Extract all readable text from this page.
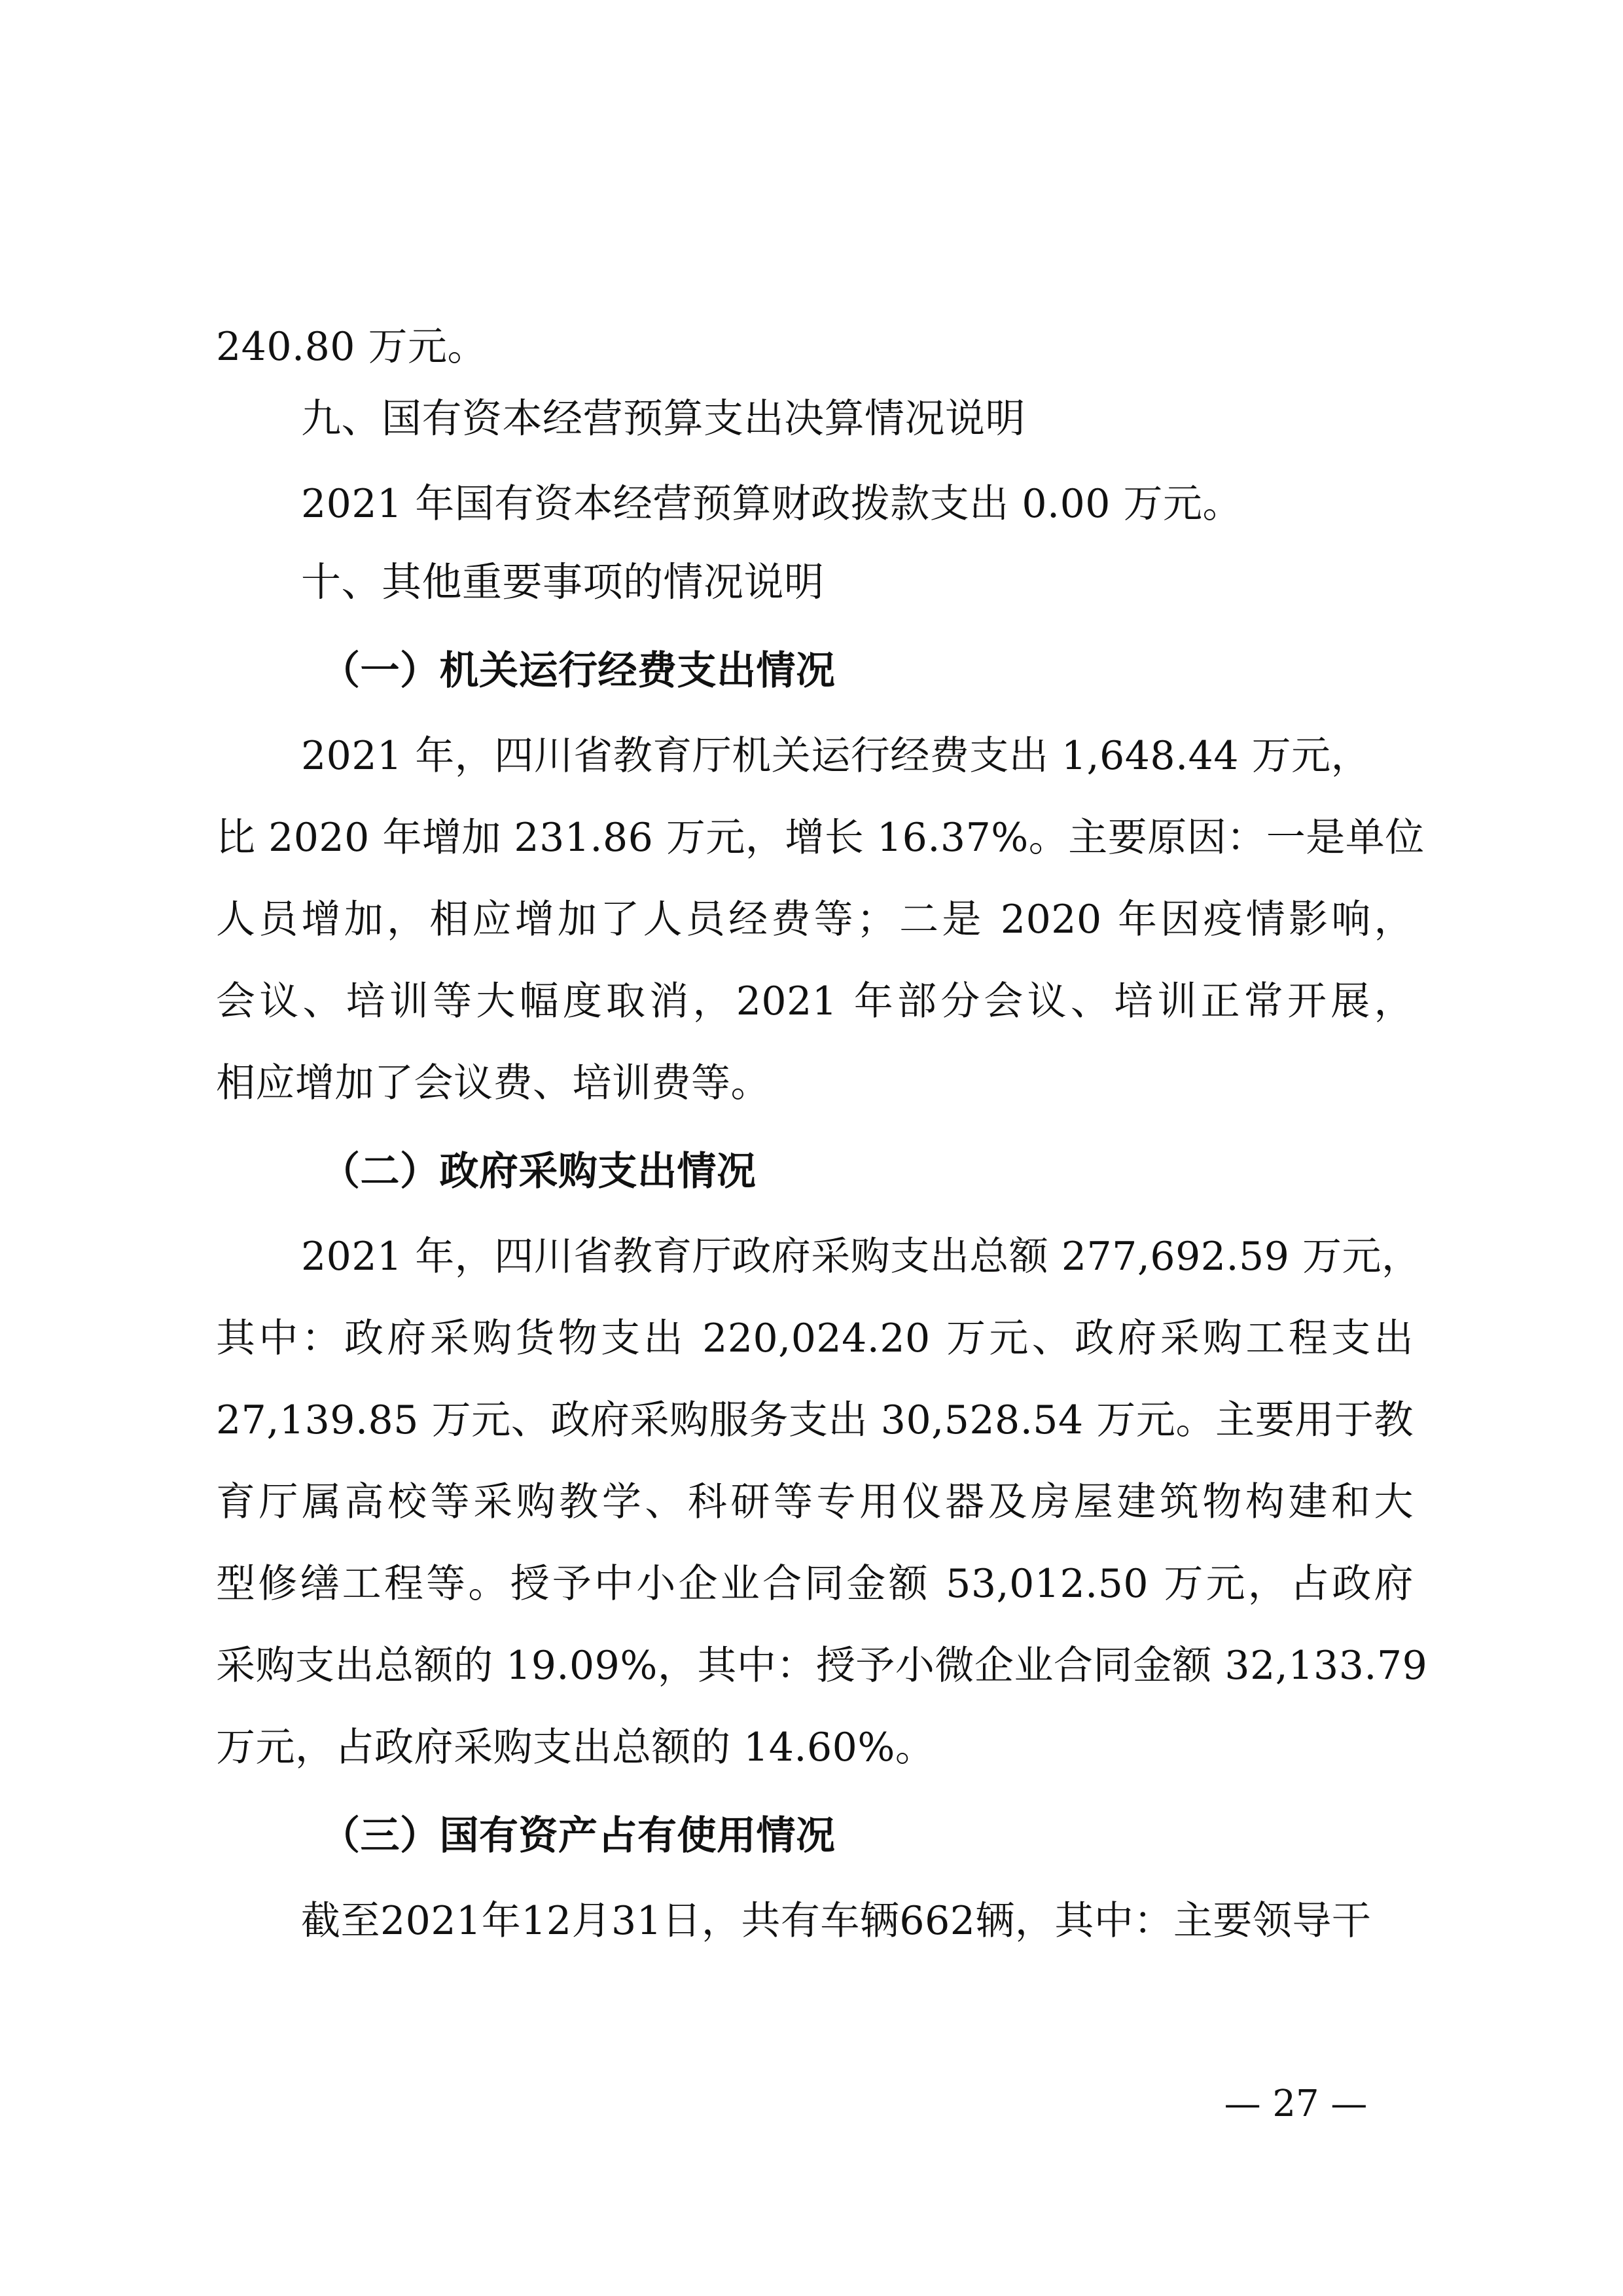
240.80 万元。
九、国有资本经营预算支出决算情况说明
2021 年国有资本经营预算财政拨款支出 0.00 万元。
十、其他重要事项的情况说明
（一）机关运行经费支出情况
2021 年，四川省教育厅机关运行经费支出 1,648.44 万元，
比 2020 年增加 231.86 万元，增长 16.37%。主要原因：一是单位
人员增加，相应增加了人员经费等；二是 2020 年因疫情影响，
会议、培训等大幅度取消，2021 年部分会议、培训正常开展，
相应增加了会议费、培训费等。
（二）政府采购支出情况
2021 年，四川省教育厅政府采购支出总额 277,692.59 万元，
其中：政府采购货物支出 220,024.20 万元、政府采购工程支出
27,139.85 万元、政府采购服务支出 30,528.54 万元。主要用于教
育厅属高校等采购教学、科研等专用仪器及房屋建筑物构建和大
型修缮工程等。授予中小企业合同金额 53,012.50 万元，占政府
采购支出总额的 19.09%，其中：授予小微企业合同金额 32,133.79
万元，占政府采购支出总额的 14.60%。
（三）国有资产占有使用情况
截至2021年12月31日，共有车辆662辆，其中：主要领导干
— 27 —
